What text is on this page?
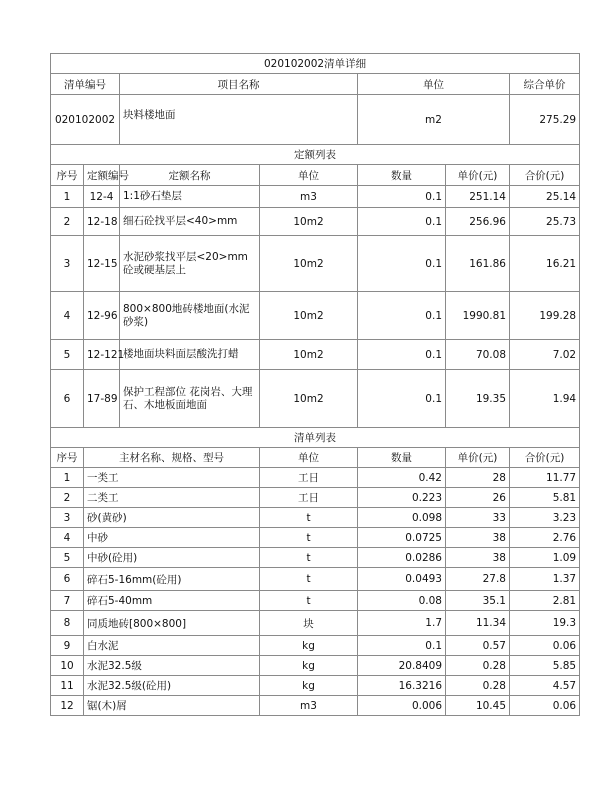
020102002清单详细						
清单编号		项目名称		单位		综合单价
020102002		块料楼地面		m2		275.29
定额列表						
序号	定额编号	定额名称	单位	数量	单价(元)	合价(元)
1	12-4	1:1砂石垫层	m3	0.1	251.14	25.14
2	12-18	细石砼找平层<40>mm	10m2	0.1	256.96	25.73
3	12-15	水泥砂浆找平层<20>mm 砼或硬基层上	10m2	0.1	161.86	16.21
4	12-96	800×800地砖楼地面(水泥砂浆)	10m2	0.1	1990.81	199.28
5	12-121	楼地面块料面层酸洗打蜡	10m2	0.1	70.08	7.02
6	17-89	保护工程部位 花岗岩、大理石、木地板面地面	10m2	0.1	19.35	1.94
清单列表						
序号	主材名称、规格、型号		单位	数量	单价(元)	合价(元)
1	一类工		工日	0.42	28	11.77
2	二类工		工日	0.223	26	5.81
3	砂(黄砂)		t	0.098	33	3.23
4	中砂		t	0.0725	38	2.76
5	中砂(砼用)		t	0.0286	38	1.09
6	碎石5-16mm(砼用)		t	0.0493	27.8	1.37
7	碎石5-40mm		t	0.08	35.1	2.81
8	同质地砖[800×800]		块	1.7	11.34	19.3
9	白水泥		kg	0.1	0.57	0.06
10	水泥32.5级		kg	20.8409	0.28	5.85
11	水泥32.5级(砼用)		kg	16.3216	0.28	4.57
12	锯(木)屑		m3	0.006	10.45	0.06
